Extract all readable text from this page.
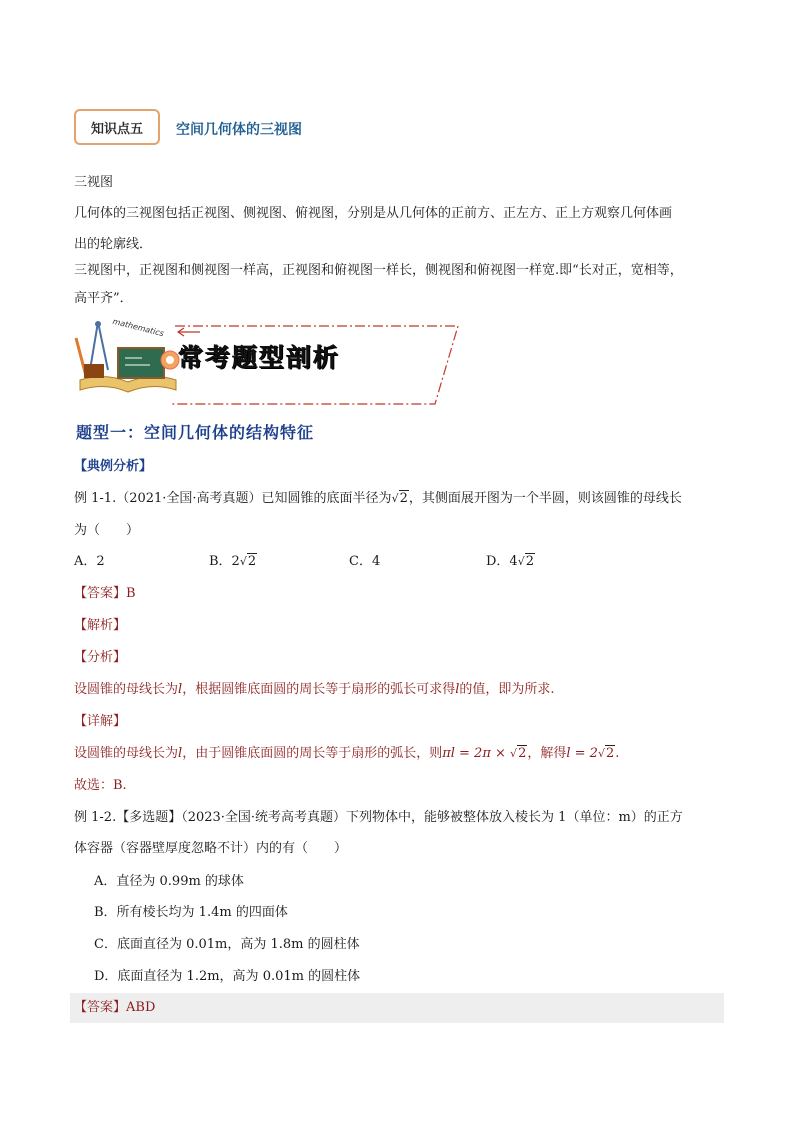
知识点五	空间几何体的三视图
三视图
几何体的三视图包括正视图、侧视图、俯视图，分别是从几何体的正前方、正左方、正上方观察几何体画
出的轮廓线．
三视图中，正视图和侧视图一样高，正视图和俯视图一样长，侧视图和俯视图一样宽.即“长对正，宽相等，
高平齐”．
mathematics
常考题型剖析
题型一：空间几何体的结构特征
【典例分析】
例 1-1.（2021·全国·高考真题）已知圆锥的底面半径为√2，其侧面展开图为一个半圆，则该圆锥的母线长
为（　　）
A．2	B．2√2	C．4	D．4√2
【答案】B
【解析】
【分析】
设圆锥的母线长为l，根据圆锥底面圆的周长等于扇形的弧长可求得l的值，即为所求.
【详解】
设圆锥的母线长为l，由于圆锥底面圆的周长等于扇形的弧长，则πl = 2π × √2，解得l = 2√2.
故选：B.
例 1-2.【多选题】（2023·全国·统考高考真题）下列物体中，能够被整体放入棱长为 1（单位：m）的正方
体容器（容器壁厚度忽略不计）内的有（　　）
A．直径为 0.99m 的球体
B．所有棱长均为 1.4m 的四面体
C．底面直径为 0.01m，高为 1.8m 的圆柱体
D．底面直径为 1.2m，高为 0.01m 的圆柱体
【答案】ABD
